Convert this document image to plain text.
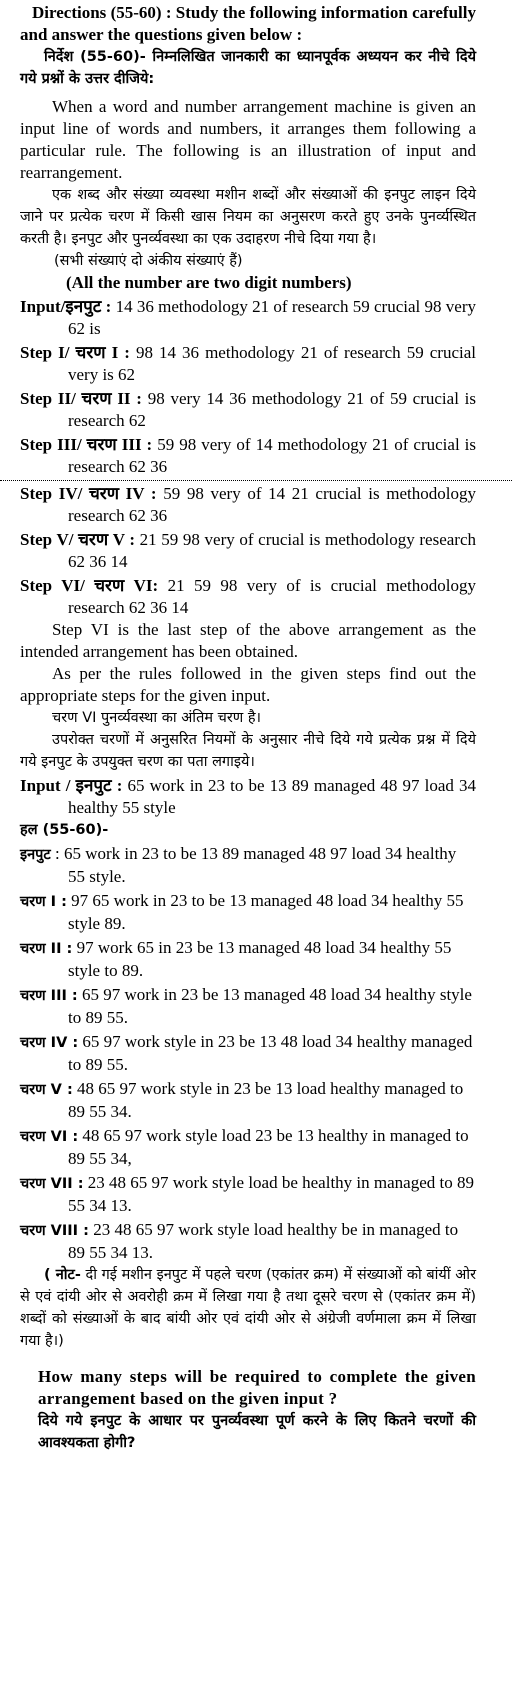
Directions (55-60) : Study the following information carefully and answer the questions given below :

निर्देश (55-60)- निम्नलिखित जानकारी का ध्यानपूर्वक अध्ययन कर नीचे दिये गये प्रश्नों के उत्तर दीजिये:

When a word and number arrangement machine is given an input line of words and numbers, it arranges them following a particular rule. The following is an illustration of input and rearrangement.

एक शब्द और संख्या व्यवस्था मशीन शब्दों और संख्याओं की इनपुट लाइन दिये जाने पर प्रत्येक चरण में किसी खास नियम का अनुसरण करते हुए उनके पुनर्व्यस्थित करती है। इनपुट और पुनर्व्यवस्था का एक उदाहरण नीचे दिया गया है।

(सभी संख्याएं दो अंकीय संख्याएं हैं)

(All the number are two digit numbers)

Input/इनपुट : 14 36 methodology 21 of research 59 crucial 98 very 62 is

Step I/ चरण I : 98 14 36 methodology 21 of research 59 crucial very is 62

Step II/ चरण II : 98 very 14 36 methodology 21 of 59 crucial is research 62

Step III/ चरण III : 59 98 very of 14 methodology 21 of crucial is research 62 36

Step IV/ चरण IV : 59 98 very of 14 21 crucial is methodology research 62 36

Step V/ चरण V : 21 59 98 very of crucial is methodology research 62 36 14

Step VI/ चरण VI: 21 59 98 very of is crucial methodology research 62 36 14

Step VI is the last step of the above arrangement as the intended arrangement has been obtained.

As per the rules followed in the given steps find out the appropriate steps for the given input.

चरण VI पुनर्व्यवस्था का अंतिम चरण है।

उपरोक्त चरणों में अनुसरित नियमों के अनुसार नीचे दिये गये प्रत्येक प्रश्न में दिये गये इनपुट के उपयुक्त चरण का पता लगाइये।

Input / इनपुट : 65 work in 23 to be 13 89 managed 48 97 load 34 healthy 55 style

हल (55-60)-

इनपुट : 65 work in 23 to be 13 89 managed 48 97 load 34 healthy 55 style.

चरण I : 97 65 work in 23 to be 13 managed 48 load 34 healthy 55 style 89.

चरण II : 97 work 65 in 23 be 13 managed 48 load 34 healthy 55 style to 89.

चरण III : 65 97 work in 23 be 13 managed 48 load 34 healthy style to 89 55.

चरण IV : 65 97 work style in 23 be 13 48 load 34 healthy managed to 89 55.

चरण V : 48 65 97 work style in 23 be 13 load healthy managed to 89 55 34.

चरण VI : 48 65 97 work style load 23 be 13 healthy in managed to 89 55 34,

चरण VII : 23 48 65 97 work style load be healthy in managed to 89 55 34 13.

चरण VIII : 23 48 65 97 work style load healthy be in managed to 89 55 34 13.

( नोट- दी गई मशीन इनपुट में पहले चरण (एकांतर क्रम) में संख्याओं को बांयीं ओर से एवं दांयी ओर से अवरोही क्रम में लिखा गया है तथा दूसरे चरण से (एकांतर क्रम में) शब्दों को संख्याओं के बाद बांयी ओर एवं दांयी ओर से अंग्रेजी वर्णमाला क्रम में लिखा गया है।)

How many steps will be required to complete the given arrangement based on the given input ?

दिये गये इनपुट के आधार पर पुनर्व्यवस्था पूर्ण करने के लिए कितने चरणों की आवश्यकता होगी?
